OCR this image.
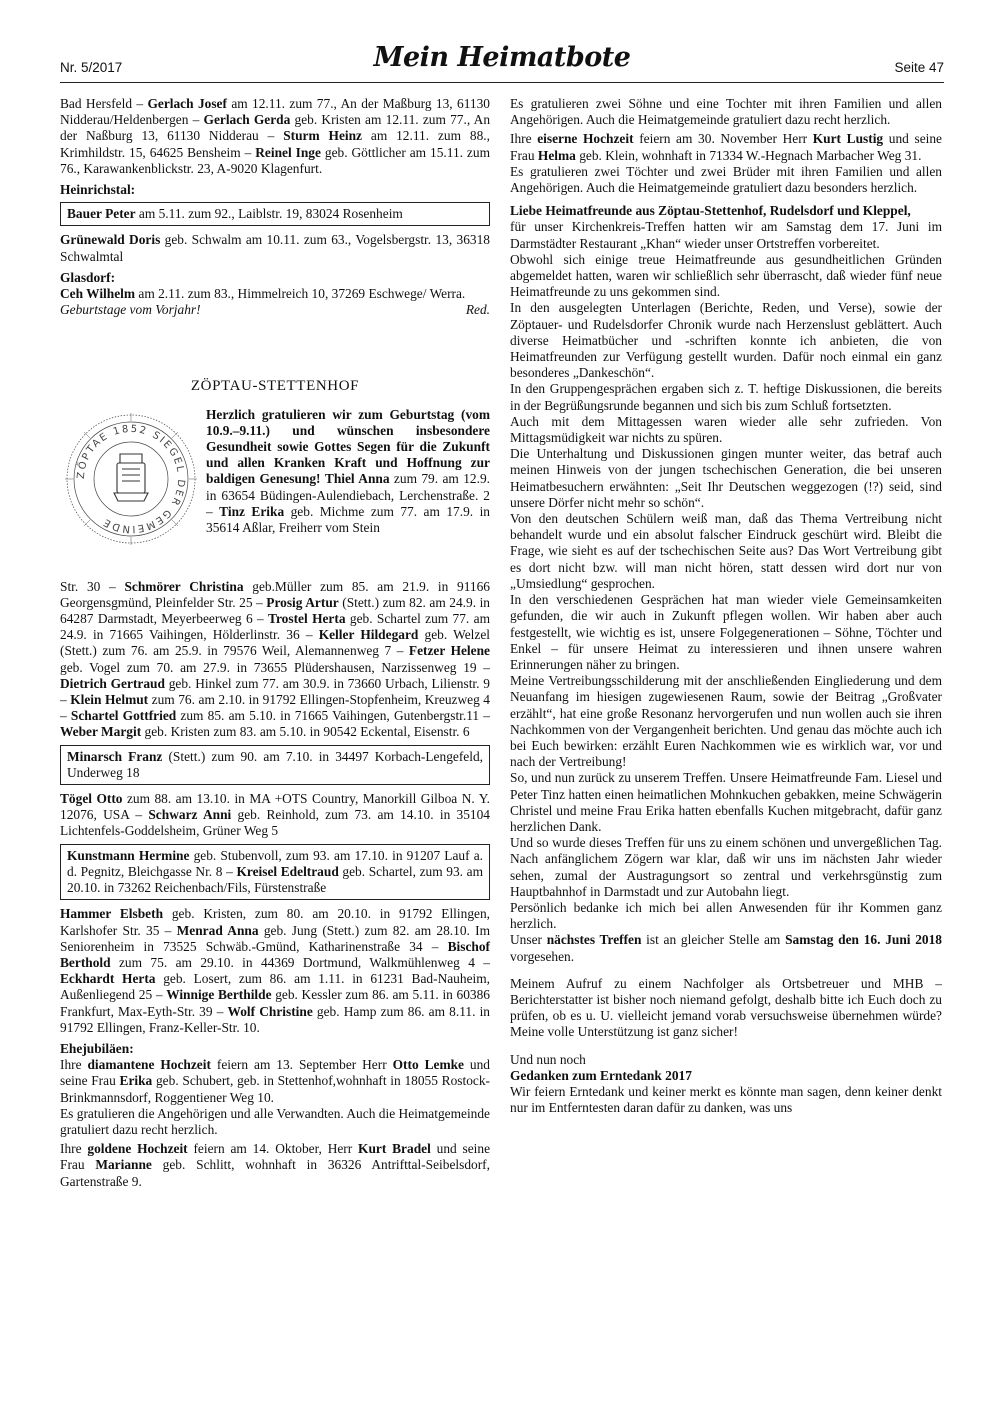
Nr. 5/2017	Mein Heimatbote	Seite 47

Bad Hersfeld – Gerlach Josef am 12.11. zum 77., An der Maßburg 13, 61130 Nidderau/Heldenbergen – Gerlach Gerda geb. Kristen am 12.11. zum 77., An der Naßburg 13, 61130 Nidderau – Sturm Heinz am 12.11. zum 88., Krimhildstr. 15, 64625 Bensheim – Reinel Inge geb. Göttlicher am 15.11. zum 76., Karawankenblickstr. 23, A-9020 Klagenfurt.

Heinrichstal:

Bauer Peter am 5.11. zum 92., Laiblstr. 19, 83024 Rosenheim

Grünewald Doris geb. Schwalm am 10.11. zum 63., Vogelsbergstr. 13, 36318 Schwalmtal

Glasdorf:

Ceh Wilhelm am 2.11. zum 83., Himmelreich 10, 37269 Eschwege/ Werra.

Geburtstage vom Vorjahr!	Red.
ZÖPTAU-STETTENHOF
ZÖPTAE 1852 SIEGEL DER GEMEINDE
Herzlich gratulieren wir zum Geburtstag (vom 10.9.–9.11.) und wünschen insbesondere Gesundheit sowie Gottes Segen für die Zukunft und allen Kranken Kraft und Hoffnung zur baldigen Genesung! Thiel Anna zum 79. am 12.9. in 63654 Büdingen-Aulendiebach, Lerchenstraße. 2 – Tinz Erika geb. Michme zum 77. am 17.9. in 35614 Aßlar, Freiherr vom Stein

Str. 30 – Schmörer Christina geb.Müller zum 85. am 21.9. in 91166 Georgensgmünd, Pleinfelder Str. 25 – Prosig Artur (Stett.) zum 82. am 24.9. in 64287 Darmstadt, Meyerbeerweg 6 – Trostel Herta geb. Schartel zum 77. am 24.9. in 71665 Vaihingen, Hölderlinstr. 36 – Keller Hildegard geb. Welzel (Stett.) zum 76. am 25.9. in 79576 Weil, Alemannenweg 7 – Fetzer Helene geb. Vogel zum 70. am 27.9. in 73655 Plüdershausen, Narzissenweg 19 – Dietrich Gertraud geb. Hinkel zum 77. am 30.9. in 73660 Urbach, Lilienstr. 9 – Klein Helmut zum 76. am 2.10. in 91792 Ellingen-Stopfenheim, Kreuzweg 4 – Schartel Gottfried zum 85. am 5.10. in 71665 Vaihingen, Gutenbergstr.11 – Weber Margit geb. Kristen zum 83. am 5.10. in 90542 Eckental, Eisenstr. 6

Minarsch Franz (Stett.) zum 90. am 7.10. in 34497 Korbach-Lengefeld, Underweg 18

Tögel Otto zum 88. am 13.10. in MA +OTS Country, Manorkill Gilboa N. Y. 12076, USA – Schwarz Anni geb. Reinhold, zum 73. am 14.10. in 35104 Lichtenfels-Goddelsheim, Grüner Weg 5

Kunstmann Hermine geb. Stubenvoll, zum 93. am 17.10. in 91207 Lauf a. d. Pegnitz, Bleichgasse Nr. 8 – Kreisel Edeltraud geb. Schartel, zum 93. am 20.10. in 73262 Reichenbach/Fils, Fürstenstraße

Hammer Elsbeth geb. Kristen, zum 80. am 20.10. in 91792 Ellingen, Karlshofer Str. 35 – Menrad Anna geb. Jung (Stett.) zum 82. am 28.10. Im Seniorenheim in 73525 Schwäb.-Gmünd, Katharinenstraße 34 – Bischof Berthold zum 75. am 29.10. in 44369 Dortmund, Walkmühlenweg 4 – Eckhardt Herta geb. Losert, zum 86. am 1.11. in 61231 Bad-Nauheim, Außenliegend 25 – Winnige Berthilde geb. Kessler zum 86. am 5.11. in 60386 Frankfurt, Max-Eyth-Str. 39 – Wolf Christine geb. Hamp zum 86. am 8.11. in 91792 Ellingen, Franz-Keller-Str. 10.

Ehejubiläen:

Ihre diamantene Hochzeit feiern am 13. September Herr Otto Lemke und seine Frau Erika geb. Schubert, geb. in Stettenhof,wohnhaft in 18055 Rostock-Brinkmannsdorf, Roggentiener Weg 10.

Es gratulieren die Angehörigen und alle Verwandten. Auch die Heimatgemeinde gratuliert dazu recht herzlich.

Ihre goldene Hochzeit feiern am 14. Oktober, Herr Kurt Bradel und seine Frau Marianne geb. Schlitt, wohnhaft in 36326 Antrifttal-Seibelsdorf, Gartenstraße 9.

Es gratulieren zwei Söhne und eine Tochter mit ihren Familien und allen Angehörigen. Auch die Heimatgemeinde gratuliert dazu recht herzlich.

Ihre eiserne Hochzeit feiern am 30. November Herr Kurt Lustig und seine Frau Helma geb. Klein, wohnhaft in 71334 W.-Hegnach Marbacher Weg 31.

Es gratulieren zwei Töchter und zwei Brüder mit ihren Familien und allen Angehörigen. Auch die Heimatgemeinde gratuliert dazu besonders herzlich.

Liebe Heimatfreunde aus Zöptau-Stettenhof, Rudelsdorf und Kleppel,

für unser Kirchenkreis-Treffen hatten wir am Samstag dem 17. Juni im Darmstädter Restaurant „Khan“ wieder unser Ortstreffen vorbereitet.

Obwohl sich einige treue Heimatfreunde aus gesundheitlichen Gründen abgemeldet hatten, waren wir schließlich sehr überrascht, daß wieder fünf neue Heimatfreunde zu uns gekommen sind.

In den ausgelegten Unterlagen (Berichte, Reden, und Verse), sowie der Zöptauer- und Rudelsdorfer Chronik wurde nach Herzenslust geblättert. Auch diverse Heimatbücher und -schriften konnte ich anbieten, die von Heimatfreunden zur Verfügung gestellt wurden. Dafür noch einmal ein ganz besonderes „Dankeschön“.

In den Gruppengesprächen ergaben sich z. T. heftige Diskussionen, die bereits in der Begrüßungsrunde begannen und sich bis zum Schluß fortsetzten.

Auch mit dem Mittagessen waren wieder alle sehr zufrieden. Von Mittagsmüdigkeit war nichts zu spüren.

Die Unterhaltung und Diskussionen gingen munter weiter, das betraf auch meinen Hinweis von der jungen tschechischen Generation, die bei unseren Heimatbesuchern erwähnten: „Seit Ihr Deutschen weggezogen (!?) seid, sind unsere Dörfer nicht mehr so schön“.

Von den deutschen Schülern weiß man, daß das Thema Vertreibung nicht behandelt wurde und ein absolut falscher Eindruck geschürt wird. Bleibt die Frage, wie sieht es auf der tschechischen Seite aus? Das Wort Vertreibung gibt es dort nicht bzw. will man nicht hören, statt dessen wird dort nur von „Umsiedlung“ gesprochen.

In den verschiedenen Gesprächen hat man wieder viele Gemeinsamkeiten gefunden, die wir auch in Zukunft pflegen wollen. Wir haben aber auch festgestellt, wie wichtig es ist, unsere Folgegenerationen – Söhne, Töchter und Enkel – für unsere Heimat zu interessieren und ihnen unsere wahren Erinnerungen näher zu bringen.

Meine Vertreibungsschilderung mit der anschließenden Eingliederung und dem Neuanfang im hiesigen zugewiesenen Raum, sowie der Beitrag „Großvater erzählt“, hat eine große Resonanz hervorgerufen und nun wollen auch sie ihren Nachkommen von der Vergangenheit berichten. Und genau das möchte auch ich bei Euch bewirken: erzählt Euren Nachkommen wie es wirklich war, vor und nach der Vertreibung!

So, und nun zurück zu unserem Treffen. Unsere Heimatfreunde Fam. Liesel und Peter Tinz hatten einen heimatlichen Mohnkuchen gebakken, meine Schwägerin Christel und meine Frau Erika hatten ebenfalls Kuchen mitgebracht, dafür ganz herzlichen Dank.

Und so wurde dieses Treffen für uns zu einem schönen und unvergeßlichen Tag. Nach anfänglichem Zögern war klar, daß wir uns im nächsten Jahr wieder sehen, zumal der Austragungsort so zentral und verkehrsgünstig zum Hauptbahnhof in Darmstadt und zur Autobahn liegt.

Persönlich bedanke ich mich bei allen Anwesenden für ihr Kommen ganz herzlich.

Unser nächstes Treffen ist an gleicher Stelle am Samstag den 16. Juni 2018 vorgesehen.

Meinem Aufruf zu einem Nachfolger als Ortsbetreuer und MHB – Berichterstatter ist bisher noch niemand gefolgt, deshalb bitte ich Euch doch zu prüfen, ob es u. U. vielleicht jemand vorab versuchsweise übernehmen würde? Meine volle Unterstützung ist ganz sicher!

Und nun noch

Gedanken zum Erntedank 2017

Wir feiern Erntedank und keiner merkt es könnte man sagen, denn keiner denkt nur im Entferntesten daran dafür zu danken, was uns
